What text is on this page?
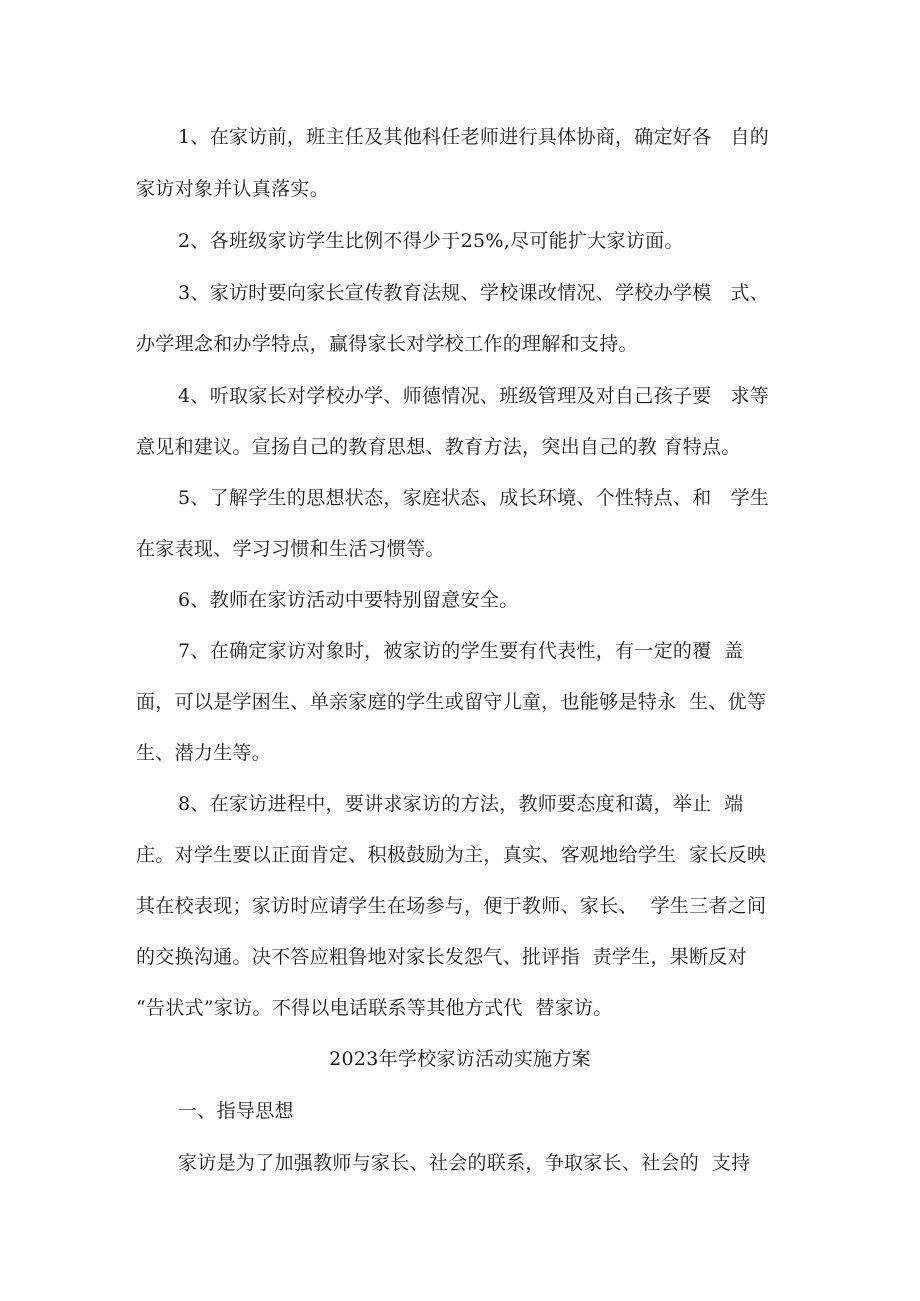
1、在家访前，班主任及其他科任老师进行具体协商，确定好各   自的
家访对象并认真落实。
2、各班级家访学生比例不得少于25%,尽可能扩大家访面。
3、家访时要向家长宣传教育法规、学校课改情况、学校办学模   式、
办学理念和办学特点，赢得家长对学校工作的理解和支持。
4、听取家长对学校办学、师德情况、班级管理及对自己孩子要   求等
意见和建议。宣扬自己的教育思想、教育方法，突出自己的教 育特点。
5、了解学生的思想状态，家庭状态、成长环境、个性特点、和   学生
在家表现、学习习惯和生活习惯等。
6、教师在家访活动中要特别留意安全。
7、在确定家访对象时，被家访的学生要有代表性，有一定的覆  盖
面，可以是学困生、单亲家庭的学生或留守儿童，也能够是特永  生、优等
生、潜力生等。
8、在家访进程中，要讲求家访的方法，教师要态度和蔼，举止  端
庄。对学生要以正面肯定、积极鼓励为主，真实、客观地给学生  家长反映
其在校表现；家访时应请学生在场参与，便于教师、家长、  学生三者之间
的交换沟通。决不答应粗鲁地对家长发怨气、批评指  责学生，果断反对
“告状式”家访。不得以电话联系等其他方式代  替家访。
2023年学校家访活动实施方案
一、指导思想
家访是为了加强教师与家长、社会的联系，争取家长、社会的  支持
